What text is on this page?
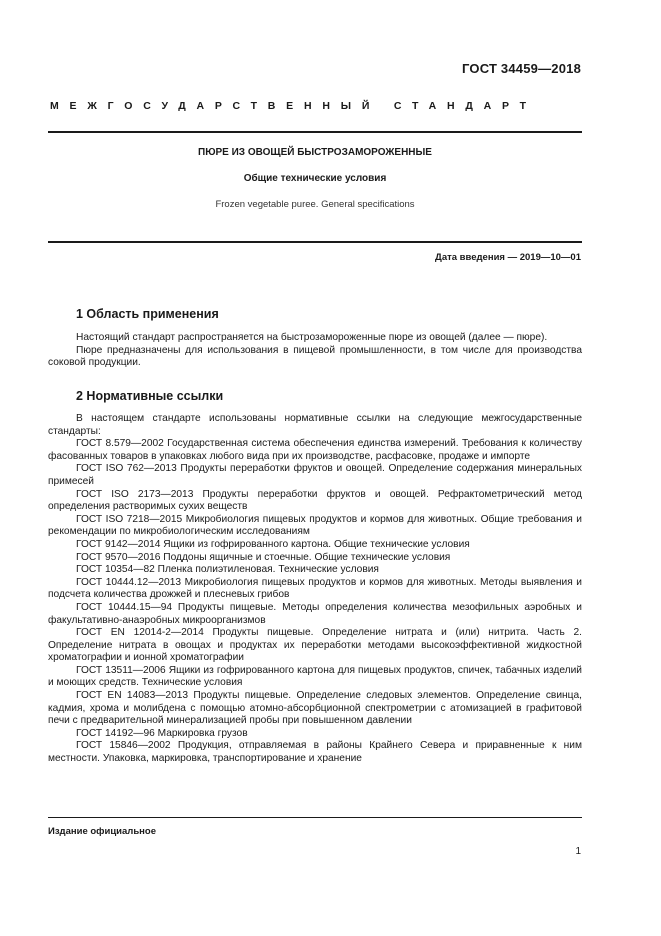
ГОСТ 34459—2018
МЕЖГОСУДАРСТВЕННЫЙ СТАНДАРТ
ПЮРЕ ИЗ ОВОЩЕЙ БЫСТРОЗАМОРОЖЕННЫЕ
Общие технические условия
Frozen vegetable puree. General specifications
Дата введения — 2019—10—01
1 Область применения

Настоящий стандарт распространяется на быстрозамороженные пюре из овощей (далее — пюре).

Пюре предназначены для использования в пищевой промышленности, в том числе для производства соковой продукции.

2 Нормативные ссылки

В настоящем стандарте использованы нормативные ссылки на следующие межгосударственные стандарты:

ГОСТ 8.579—2002 Государственная система обеспечения единства измерений. Требования к количеству фасованных товаров в упаковках любого вида при их производстве, расфасовке, продаже и импорте

ГОСТ ISO 762—2013 Продукты переработки фруктов и овощей. Определение содержания минеральных примесей

ГОСТ ISO 2173—2013 Продукты переработки фруктов и овощей. Рефрактометрический метод определения растворимых сухих веществ

ГОСТ ISO 7218—2015 Микробиология пищевых продуктов и кормов для животных. Общие требования и рекомендации по микробиологическим исследованиям

ГОСТ 9142—2014 Ящики из гофрированного картона. Общие технические условия

ГОСТ 9570—2016 Поддоны ящичные и стоечные. Общие технические условия

ГОСТ 10354—82 Пленка полиэтиленовая. Технические условия

ГОСТ 10444.12—2013 Микробиология пищевых продуктов и кормов для животных. Методы выявления и подсчета количества дрожжей и плесневых грибов

ГОСТ 10444.15—94 Продукты пищевые. Методы определения количества мезофильных аэробных и факультативно-анаэробных микроорганизмов

ГОСТ EN 12014-2—2014 Продукты пищевые. Определение нитрата и (или) нитрита. Часть 2. Определение нитрата в овощах и продуктах их переработки методами высокоэффективной жидкостной хроматографии и ионной хроматографии

ГОСТ 13511—2006 Ящики из гофрированного картона для пищевых продуктов, спичек, табачных изделий и моющих средств. Технические условия

ГОСТ EN 14083—2013 Продукты пищевые. Определение следовых элементов. Определение свинца, кадмия, хрома и молибдена с помощью атомно-абсорбционной спектрометрии с атомизацией в графитовой печи с предварительной минерализацией пробы при повышенном давлении

ГОСТ 14192—96 Маркировка грузов

ГОСТ 15846—2002 Продукция, отправляемая в районы Крайнего Севера и приравненные к ним местности. Упаковка, маркировка, транспортирование и хранение

Издание официальное
1
